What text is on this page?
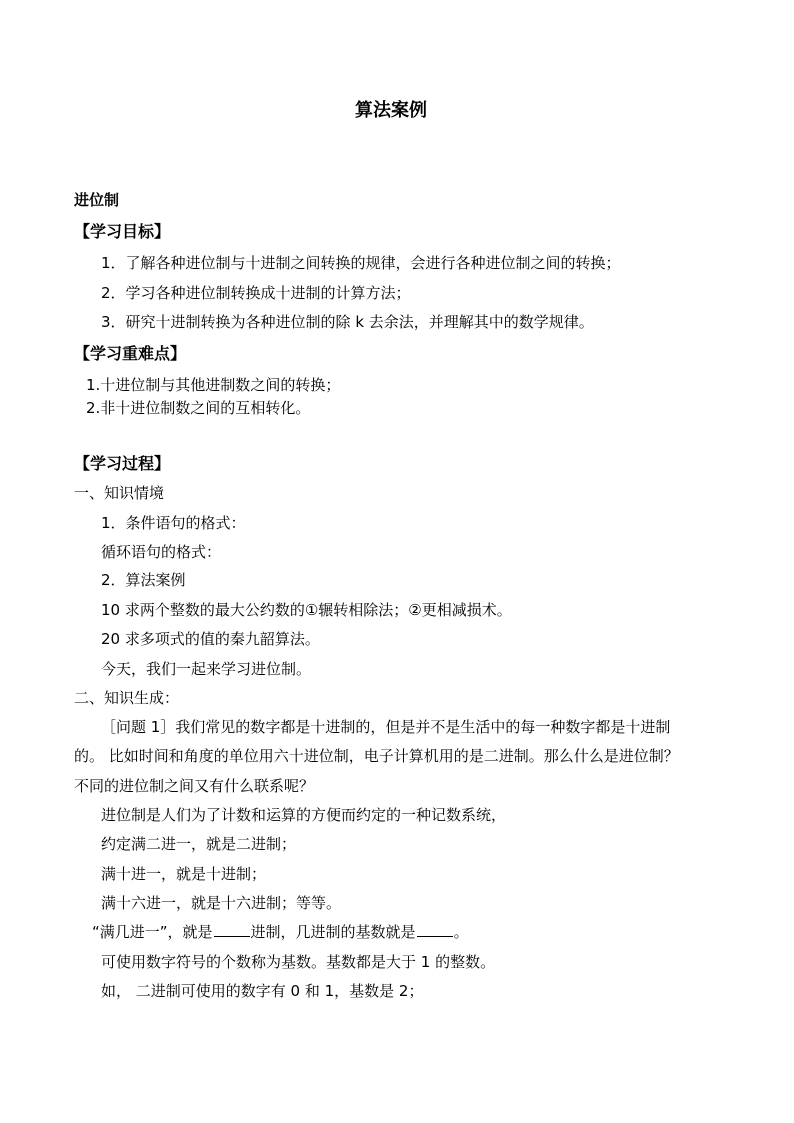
算法案例
进位制
【学习目标】
1．了解各种进位制与十进制之间转换的规律，会进行各种进位制之间的转换；
2．学习各种进位制转换成十进制的计算方法；
3．研究十进制转换为各种进位制的除 k 去余法，并理解其中的数学规律。
【学习重难点】
1.十进位制与其他进制数之间的转换；
2.非十进位制数之间的互相转化。
【学习过程】
一、知识情境
1．条件语句的格式：
循环语句的格式：
2．算法案例
10 求两个整数的最大公约数的①辗转相除法；②更相减损术。
20 求多项式的值的秦九韶算法。
今天，我们一起来学习进位制。
二、知识生成：
［问题 1］我们常见的数字都是十进制的，但是并不是生活中的每一种数字都是十进制
的。 比如时间和角度的单位用六十进位制，电子计算机用的是二进制。那么什么是进位制？
不同的进位制之间又有什么联系呢？
进位制是人们为了计数和运算的方便而约定的一种记数系统，
约定满二进一，就是二进制；
满十进一，就是十进制；
满十六进一，就是十六进制；等等。
“满几进一”，就是	进制，几进制的基数就是	。
可使用数字符号的个数称为基数。基数都是大于 1 的整数。
如， 二进制可使用的数字有 0 和 1，基数是 2；
